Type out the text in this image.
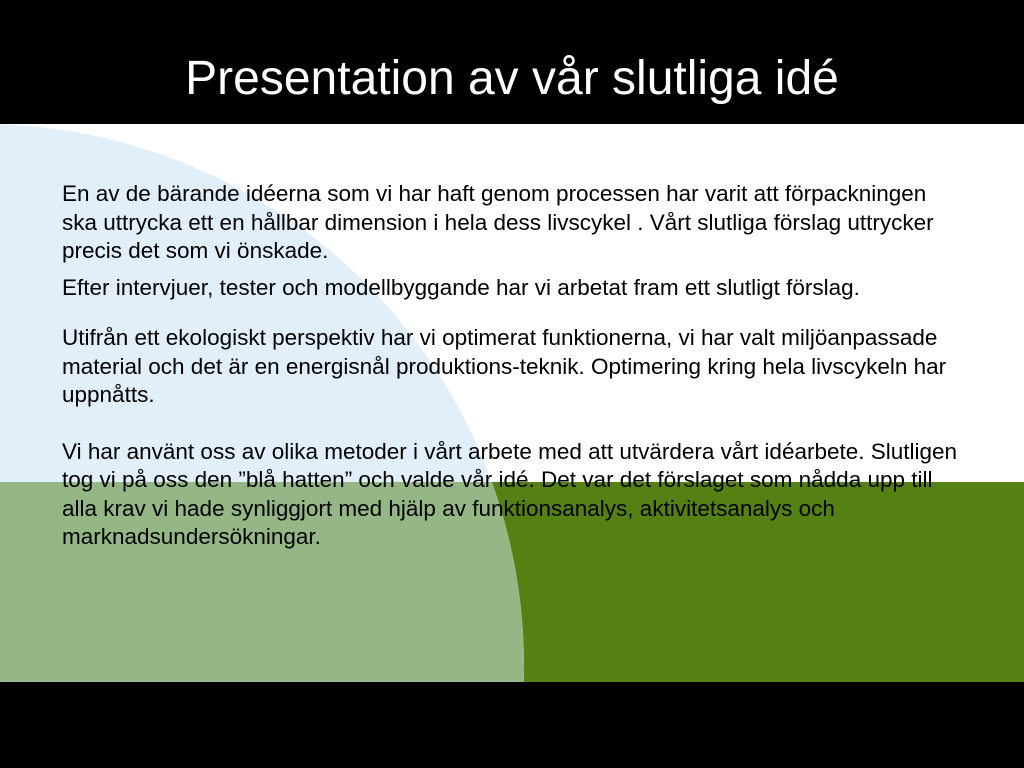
Presentation av vår slutliga idé

En av de bärande idéerna som vi har haft genom processen har varit att förpackningen ska uttrycka ett en hållbar dimension i hela dess livscykel . Vårt slutliga förslag uttrycker precis det som vi önskade.

Efter intervjuer, tester och modellbyggande har vi arbetat fram ett slutligt förslag.

Utifrån ett ekologiskt perspektiv har vi optimerat funktionerna, vi har valt miljöanpassade material och det är en energisnål produktions-teknik. Optimering kring hela livscykeln har uppnåtts.

Vi har använt oss av olika metoder i vårt arbete med att utvärdera vårt idéarbete. Slutligen tog vi på oss den ”blå hatten” och valde vår idé. Det var det förslaget som nådda upp till alla krav vi hade synliggjort med hjälp av funktionsanalys, aktivitetsanalys och marknadsundersökningar.
